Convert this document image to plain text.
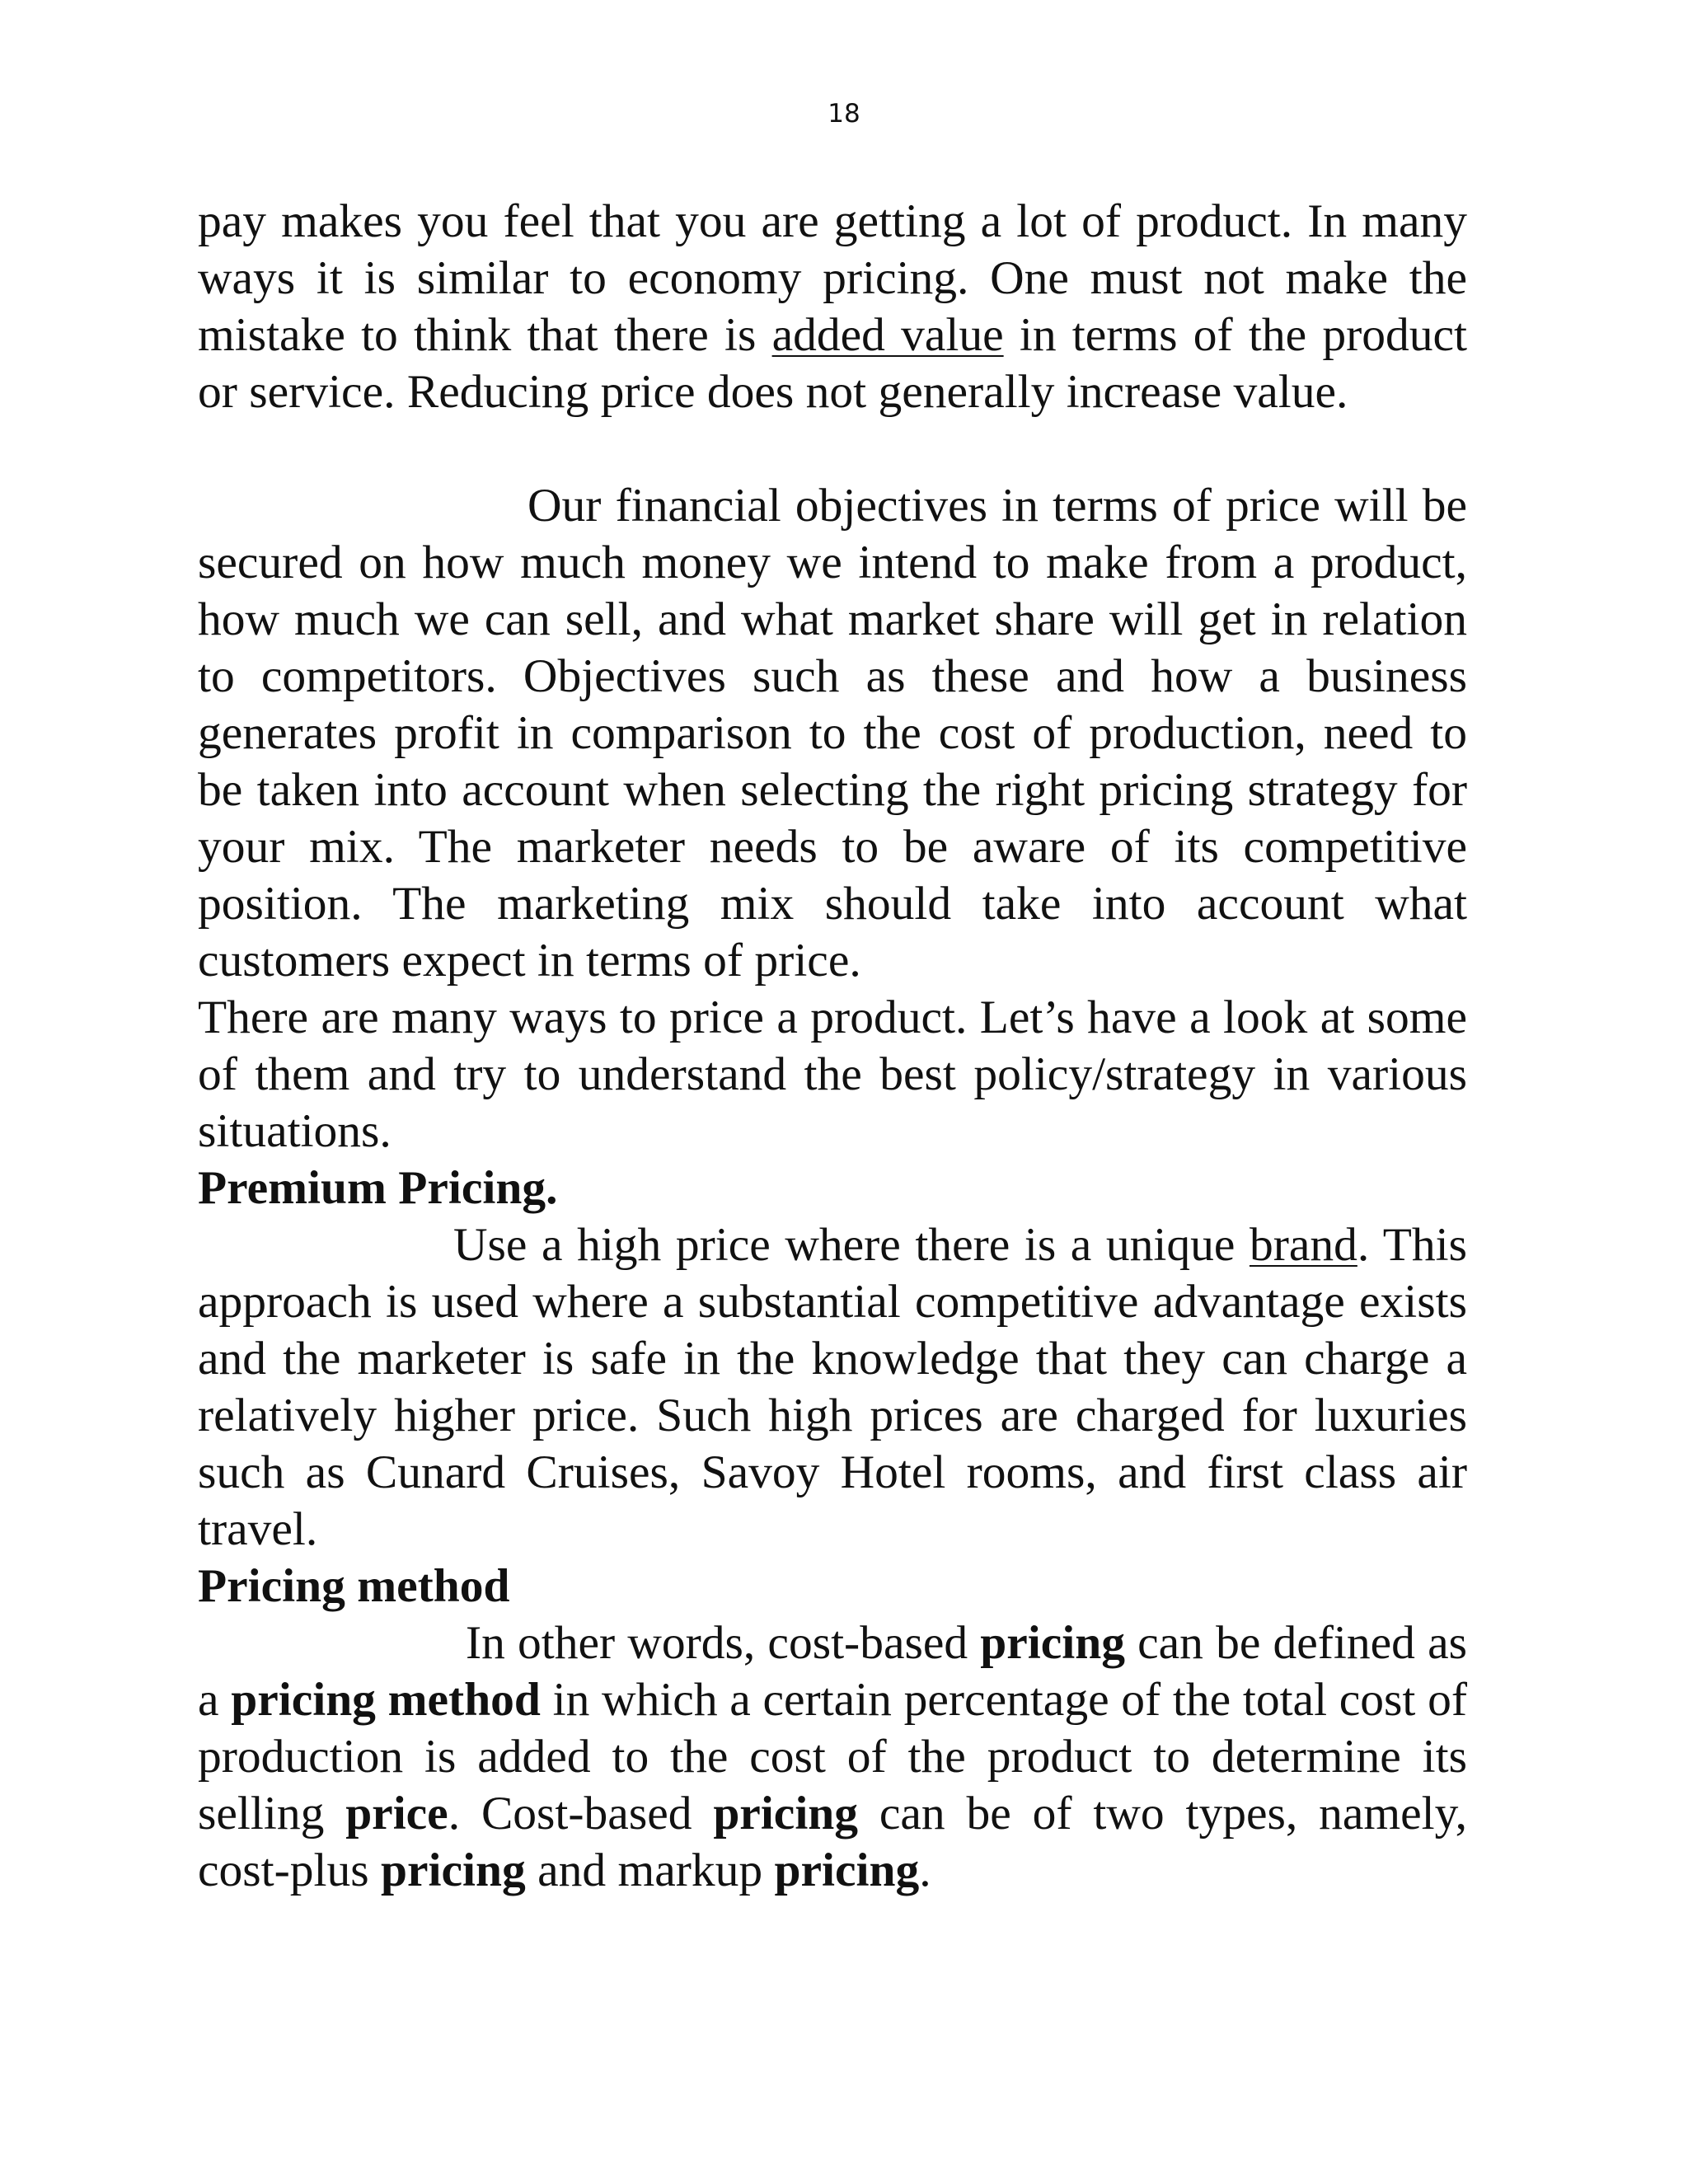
18

pay makes you feel that you are getting a lot of product. In many ways it is similar to economy pricing. One must not make the mistake to think that there is added value in terms of the product or service. Reducing price does not generally increase value.

Our financial objectives in terms of price will be secured on how much money we intend to make from a product, how much we can sell, and what market share will get in relation to competitors. Objectives such as these and how a business generates profit in comparison to the cost of production, need to be taken into account when selecting the right pricing strategy for your mix. The marketer needs to be aware of its competitive position. The marketing mix should take into account what customers expect in terms of price.

There are many ways to price a product. Let’s have a look at some of them and try to understand the best policy/strategy in various situations.

Premium Pricing.

Use a high price where there is a unique brand. This approach is used where a substantial competitive advantage exists and the marketer is safe in the knowledge that they can charge a relatively higher price. Such high prices are charged for luxuries such as Cunard Cruises, Savoy Hotel rooms, and first class air travel.

Pricing method

In other words, cost-based pricing can be defined as a pricing method in which a certain percentage of the total cost of production is added to the cost of the product to determine its selling price. Cost-based pricing can be of two types, namely, cost-plus pricing and markup pricing.
